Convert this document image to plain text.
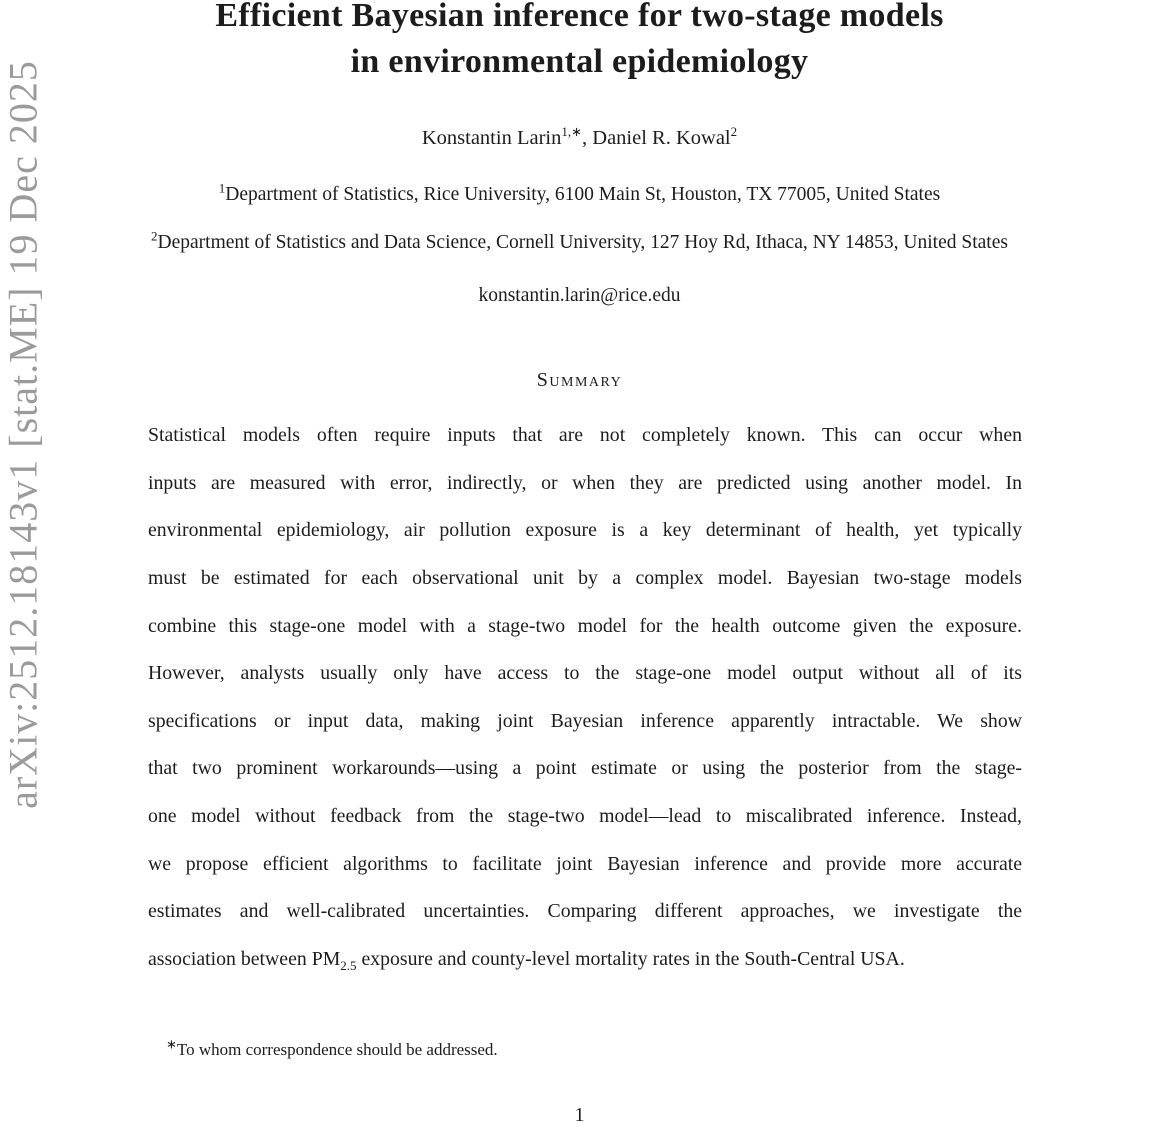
arXiv:2512.18143v1 [stat.ME] 19 Dec 2025
Efficient Bayesian inference for two-stage models
in environmental epidemiology
Konstantin Larin$^{1,∗}$, Daniel R. Kowal$^2$
$^1$Department of Statistics, Rice University, 6100 Main St, Houston, TX 77005, United States
$^2$Department of Statistics and Data Science, Cornell University, 127 Hoy Rd, Ithaca, NY 14853, United States
konstantin.larin@rice.edu
Summary
Statistical models often require inputs that are not completely known. This can occur when
inputs are measured with error, indirectly, or when they are predicted using another model. In
environmental epidemiology, air pollution exposure is a key determinant of health, yet typically
must be estimated for each observational unit by a complex model. Bayesian two-stage models
combine this stage-one model with a stage-two model for the health outcome given the exposure.
However, analysts usually only have access to the stage-one model output without all of its
specifications or input data, making joint Bayesian inference apparently intractable. We show
that two prominent workarounds—using a point estimate or using the posterior from the stage-
one model without feedback from the stage-two model—lead to miscalibrated inference. Instead,
we propose efficient algorithms to facilitate joint Bayesian inference and provide more accurate
estimates and well-calibrated uncertainties. Comparing different approaches, we investigate the
association between $PM_{2.5}$ exposure and county-level mortality rates in the South-Central USA.
∗To whom correspondence should be addressed.
1
